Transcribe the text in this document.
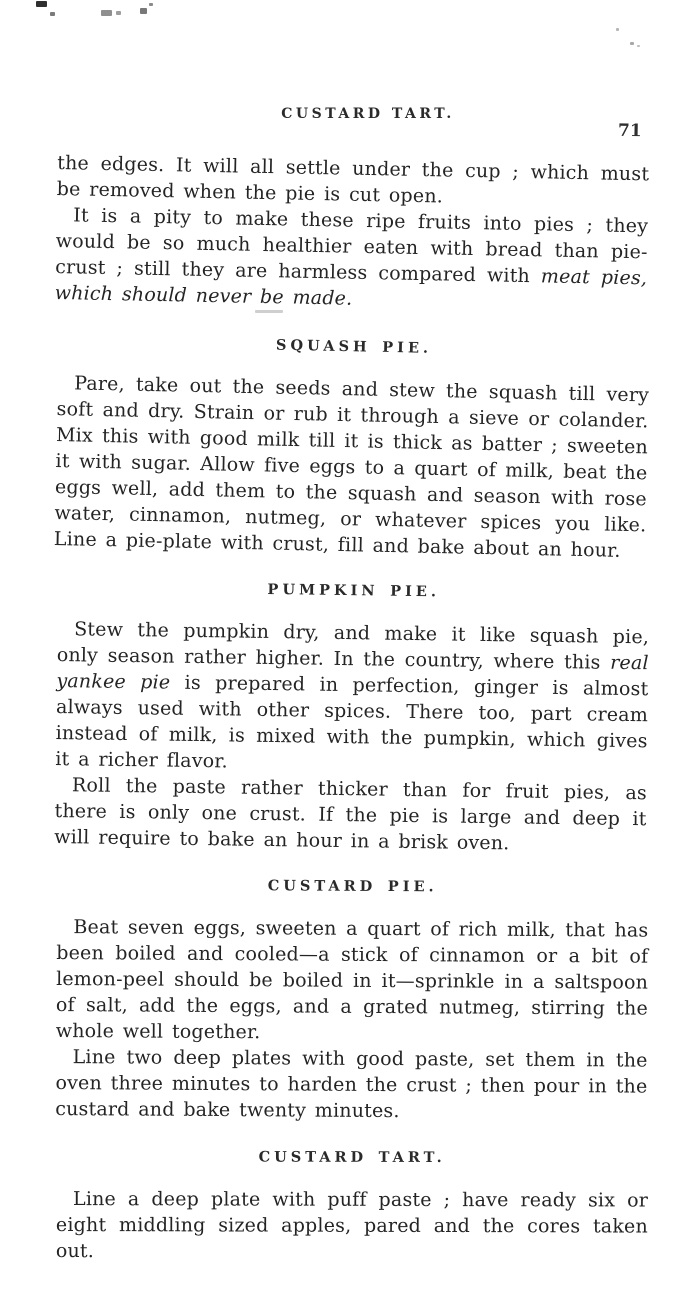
CUSTARD TART.
71

the edges. It will all settle under the cup ; which must be removed when the pie is cut open.

It is a pity to make these ripe fruits into pies ; they would be so much healthier eaten with bread than pie-crust ; still they are harmless compared with meat pies, which should never be made.

SQUASH PIE.

Pare, take out the seeds and stew the squash till very soft and dry. Strain or rub it through a sieve or colander. Mix this with good milk till it is thick as batter ; sweeten it with sugar. Allow five eggs to a quart of milk, beat the eggs well, add them to the squash and season with rose water, cinnamon, nutmeg, or whatever spices you like. Line a pie-plate with crust, fill and bake about an hour.

PUMPKIN PIE.

Stew the pumpkin dry, and make it like squash pie, only season rather higher. In the country, where this real yankee pie is prepared in perfection, ginger is almost always used with other spices. There too, part cream instead of milk, is mixed with the pumpkin, which gives it a richer flavor.

Roll the paste rather thicker than for fruit pies, as there is only one crust. If the pie is large and deep it will require to bake an hour in a brisk oven.

CUSTARD PIE.

Beat seven eggs, sweeten a quart of rich milk, that has been boiled and cooled—a stick of cinnamon or a bit of lemon-peel should be boiled in it—sprinkle in a saltspoon of salt, add the eggs, and a grated nutmeg, stirring the whole well together.

Line two deep plates with good paste, set them in the oven three minutes to harden the crust ; then pour in the custard and bake twenty minutes.

CUSTARD TART.

Line a deep plate with puff paste ; have ready six or eight middling sized apples, pared and the cores taken out.
